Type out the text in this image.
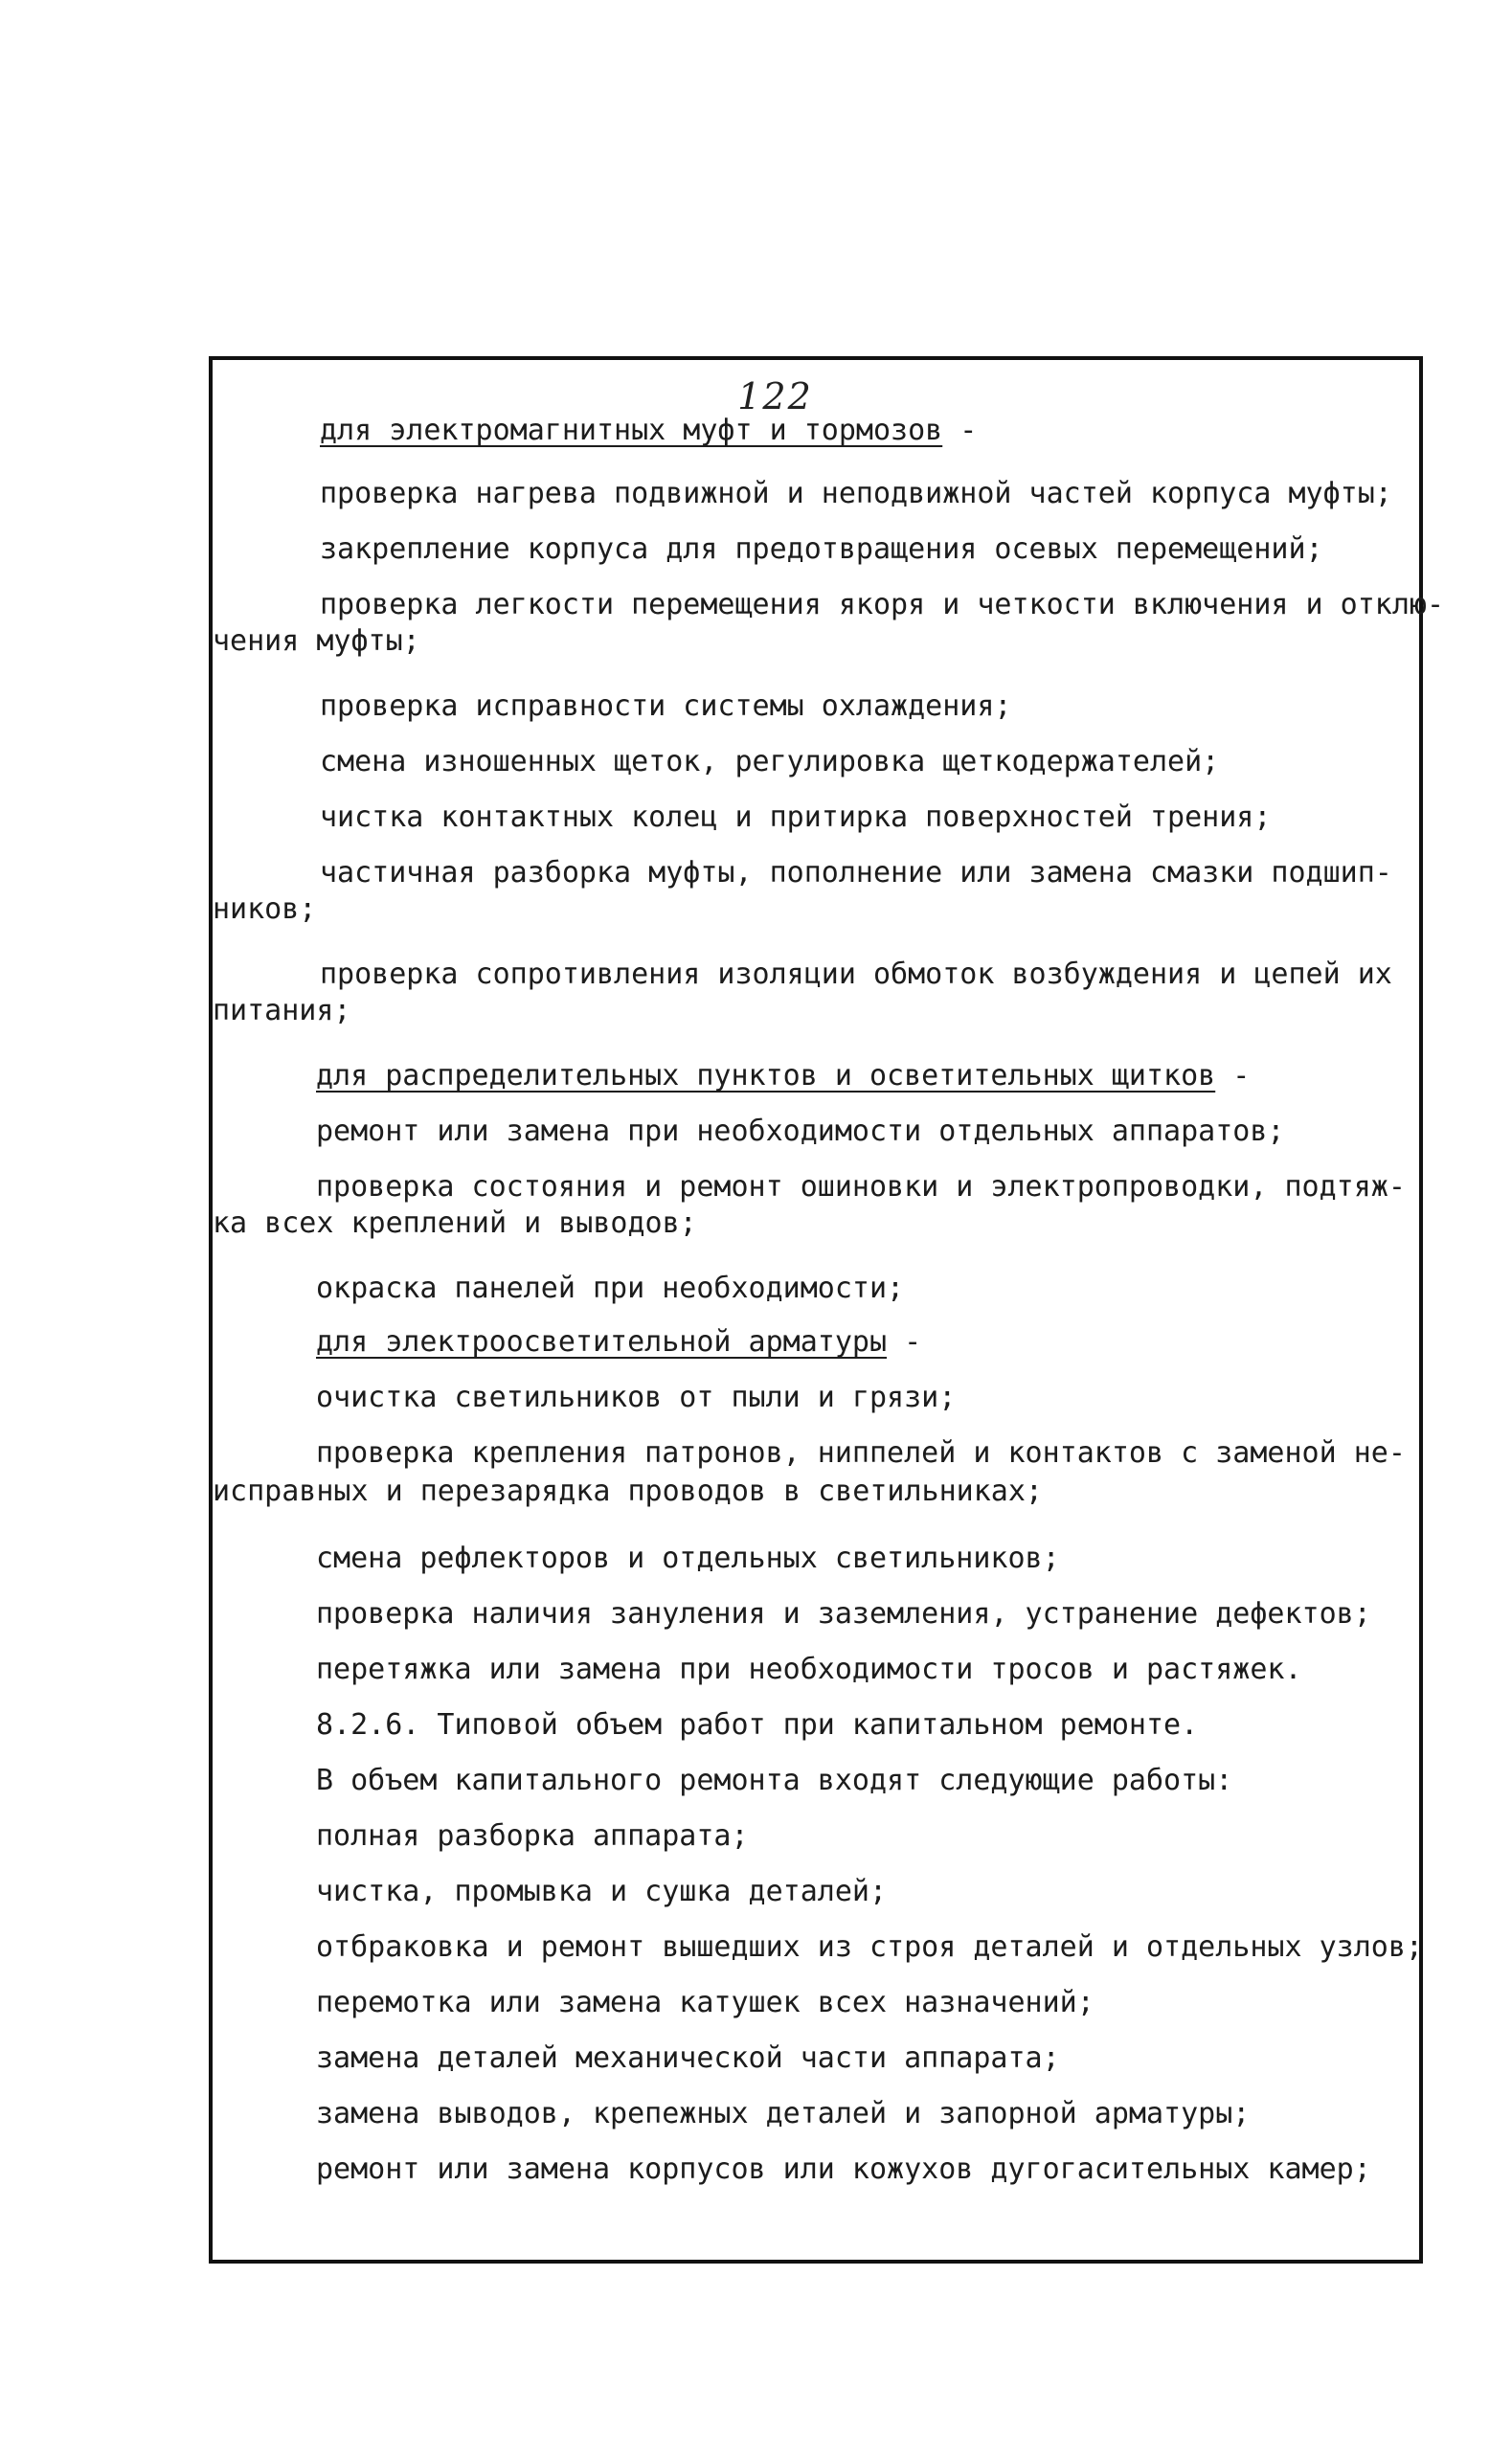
122
для электромагнитных муфт и тормозов -
проверка нагрева подвижной и неподвижной частей корпуса муфты;
закрепление корпуса для предотвращения осевых перемещений;
проверка легкости перемещения якоря и четкости включения и отклю-
чения муфты;
проверка исправности системы охлаждения;
смена изношенных щеток, регулировка щеткодержателей;
чистка контактных колец и притирка поверхностей трения;
частичная разборка муфты, пополнение или замена смазки подшип-
ников;
проверка сопротивления изоляции обмоток возбуждения и цепей их
питания;
для распределительных пунктов и осветительных щитков -
ремонт или замена при необходимости отдельных аппаратов;
проверка состояния и ремонт ошиновки и электропроводки, подтяж-
ка всех креплений и выводов;
окраска панелей при необходимости;
для электроосветительной арматуры -
очистка светильников от пыли и грязи;
проверка крепления патронов, ниппелей и контактов с заменой не-
исправных и перезарядка проводов в светильниках;
смена рефлекторов и отдельных светильников;
проверка наличия зануления и заземления, устранение дефектов;
перетяжка или замена при необходимости тросов и растяжек.
8.2.6. Типовой объем работ при капитальном ремонте.
В объем капитального ремонта входят следующие работы:
полная разборка аппарата;
чистка, промывка и сушка деталей;
отбраковка и ремонт вышедших из строя деталей и отдельных узлов;
перемотка или замена катушек всех назначений;
замена деталей механической части аппарата;
замена выводов, крепежных деталей и запорной арматуры;
ремонт или замена корпусов или кожухов дугогасительных камер;
